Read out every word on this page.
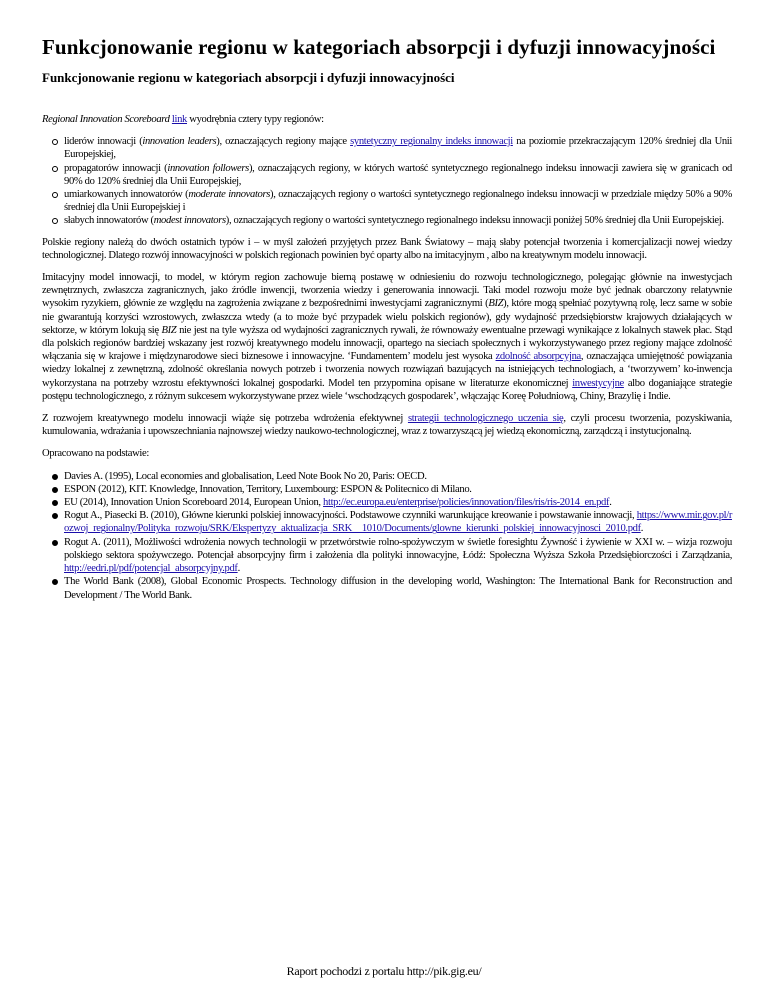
Funkcjonowanie regionu w kategoriach absorpcji i dyfuzji innowacyjności
Funkcjonowanie regionu w kategoriach absorpcji i dyfuzji innowacyjności

Regional Innovation Scoreboard link wyodrębnia cztery typy regionów:

liderów innowacji (innovation leaders), oznaczających regiony mające syntetyczny regionalny indeks innowacji na poziomie przekraczającym 120% średniej dla Unii Europejskiej,
propagatorów innowacji (innovation followers), oznaczających regiony, w których wartość syntetycznego regionalnego indeksu innowacji zawiera się w granicach od 90% do 120% średniej dla Unii Europejskiej,
umiarkowanych innowatorów (moderate innovators), oznaczających regiony o wartości syntetycznego regionalnego indeksu innowacji w przedziale między 50% a 90% średniej dla Unii Europejskiej i
słabych innowatorów (modest innovators), oznaczających regiony o wartości syntetycznego regionalnego indeksu innowacji poniżej 50% średniej dla Unii Europejskiej.

Polskie regiony należą do dwóch ostatnich typów i – w myśl założeń przyjętych przez Bank Światowy – mają słaby potencjał tworzenia i komercjalizacji nowej wiedzy technologicznej. Dlatego rozwój innowacyjności w polskich regionach powinien być oparty albo na imitacyjnym , albo na kreatywnym modelu innowacji.

Imitacyjny model innowacji, to model, w którym region zachowuje bierną postawę w odniesieniu do rozwoju technologicznego, polegając głównie na inwestycjach zewnętrznych, zwłaszcza zagranicznych, jako źródle inwencji, tworzenia wiedzy i generowania innowacji. Taki model rozwoju może być jednak obarczony relatywnie wysokim ryzykiem, głównie ze względu na zagrożenia związane z bezpośrednimi inwestycjami zagranicznymi (BIZ), które mogą spełniać pozytywną rolę, lecz same w sobie nie gwarantują korzyści wzrostowych, zwłaszcza wtedy (a to może być przypadek wielu polskich regionów), gdy wydajność przedsiębiorstw krajowych działających w sektorze, w którym lokują się BIZ nie jest na tyle wyższa od wydajności zagranicznych rywali, że równoważy ewentualne przewagi wynikające z lokalnych stawek płac. Stąd dla polskich regionów bardziej wskazany jest rozwój kreatywnego modelu innowacji, opartego na sieciach społecznych i wykorzystywanego przez regiony mające zdolność włączania się w krajowe i międzynarodowe sieci biznesowe i innowacyjne. ‘Fundamentem’ modelu jest wysoka zdolność absorpcyjna, oznaczająca umiejętność powiązania wiedzy lokalnej z zewnętrzną, zdolność określania nowych potrzeb i tworzenia nowych rozwiązań bazujących na istniejących technologiach, a ‘tworzywem’ ko-inwencja wykorzystana na potrzeby wzrostu efektywności lokalnej gospodarki. Model ten przypomina opisane w literaturze ekonomicznej inwestycyjne albo doganiające strategie postępu technologicznego, z różnym sukcesem wykorzystywane przez wiele ‘wschodzących gospodarek’, włączając Koreę Południową, Chiny, Brazylię i Indie.

Z rozwojem kreatywnego modelu innowacji wiąże się potrzeba wdrożenia efektywnej strategii technologicznego uczenia się, czyli procesu tworzenia, pozyskiwania, kumulowania, wdrażania i upowszechniania najnowszej wiedzy naukowo-technologicznej, wraz z towarzyszącą jej wiedzą ekonomiczną, zarządczą i instytucjonalną.

Opracowano na podstawie:

Davies A. (1995), Local economies and globalisation, Leed Note Book No 20, Paris: OECD.
ESPON (2012), KIT. Knowledge, Innovation, Territory, Luxembourg: ESPON & Politecnico di Milano.
EU (2014), Innovation Union Scoreboard 2014, European Union, http://ec.europa.eu/enterprise/policies/innovation/files/ris/ris-2014_en.pdf.
Rogut A., Piasecki B. (2010), Główne kierunki polskiej innowacyjności. Podstawowe czynniki warunkujące kreowanie i powstawanie innowacji, https://www.mir.gov.pl/rozwoj_regionalny/Polityka_rozwoju/SRK/Ekspertyzy_aktualizacja_SRK__1010/Documents/glowne_kierunki_polskiej_innowacyjnosci_2010.pdf.
Rogut A. (2011), Możliwości wdrożenia nowych technologii w przetwórstwie rolno-spożywczym w świetle foresightu Żywność i żywienie w XXI w. – wizja rozwoju polskiego sektora spożywczego. Potencjał absorpcyjny firm i założenia dla polityki innowacyjne, Łódź: Społeczna Wyższa Szkoła Przedsiębiorczości i Zarządzania, http://eedri.pl/pdf/potencjal_absorpcyjny.pdf.
The World Bank (2008), Global Economic Prospects. Technology diffusion in the developing world, Washington: The International Bank for Reconstruction and Development / The World Bank.
Raport pochodzi z portalu http://pik.gig.eu/
